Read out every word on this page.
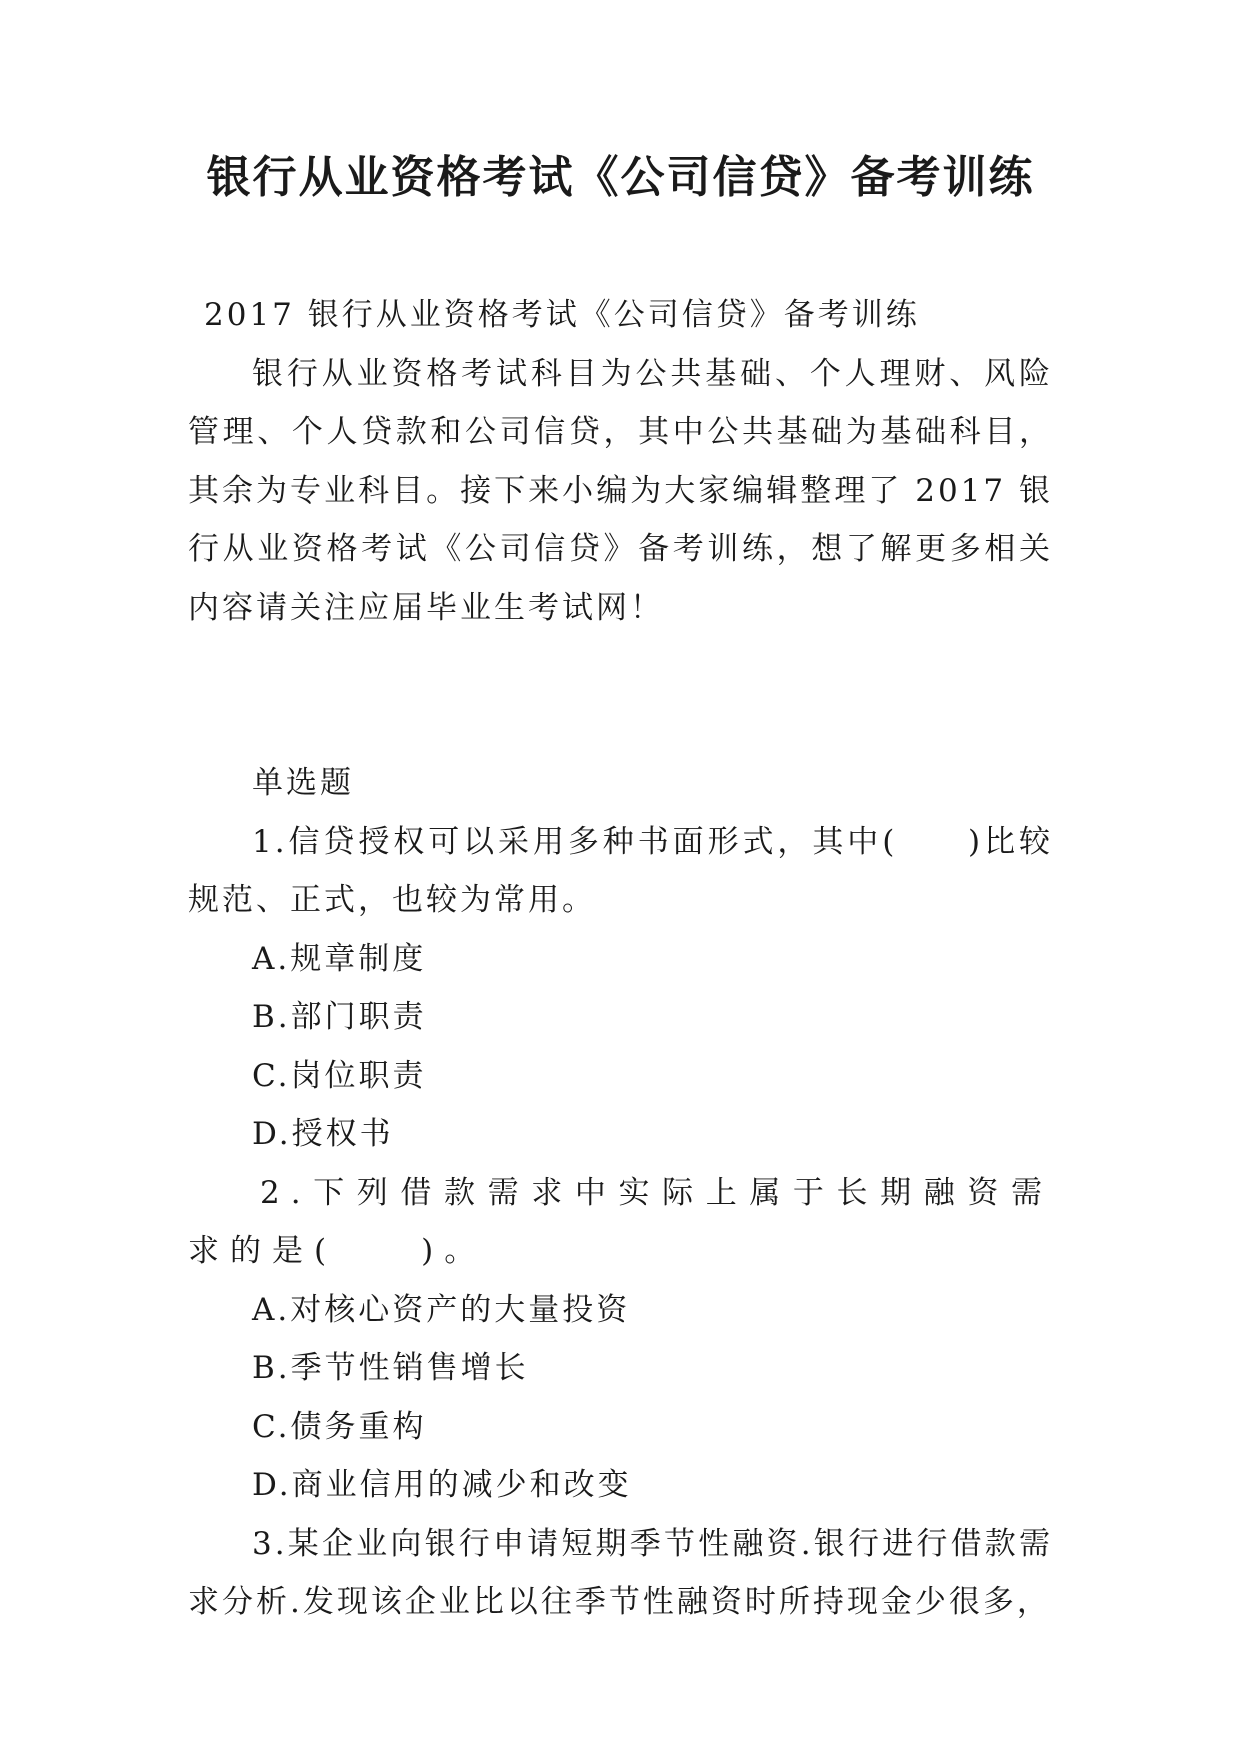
银行从业资格考试《公司信贷》备考训练

2017 银行从业资格考试《公司信贷》备考训练

银行从业资格考试科目为公共基础、个人理财、风险管理、个人贷款和公司信贷，其中公共基础为基础科目，其余为专业科目。接下来小编为大家编辑整理了 2017 银行从业资格考试《公司信贷》备考训练，想了解更多相关内容请关注应届毕业生考试网！

单选题

1.信贷授权可以采用多种书面形式，其中(　　)比较规范、正式，也较为常用。

A.规章制度

B.部门职责

C.岗位职责

D.授权书

2.下列借款需求中实际上属于长期融资需求的是(　　)。

A.对核心资产的大量投资

B.季节性销售增长

C.债务重构

D.商业信用的减少和改变

3.某企业向银行申请短期季节性融资.银行进行借款需求分析.发现该企业比以往季节性融资时所持现金少很多，
